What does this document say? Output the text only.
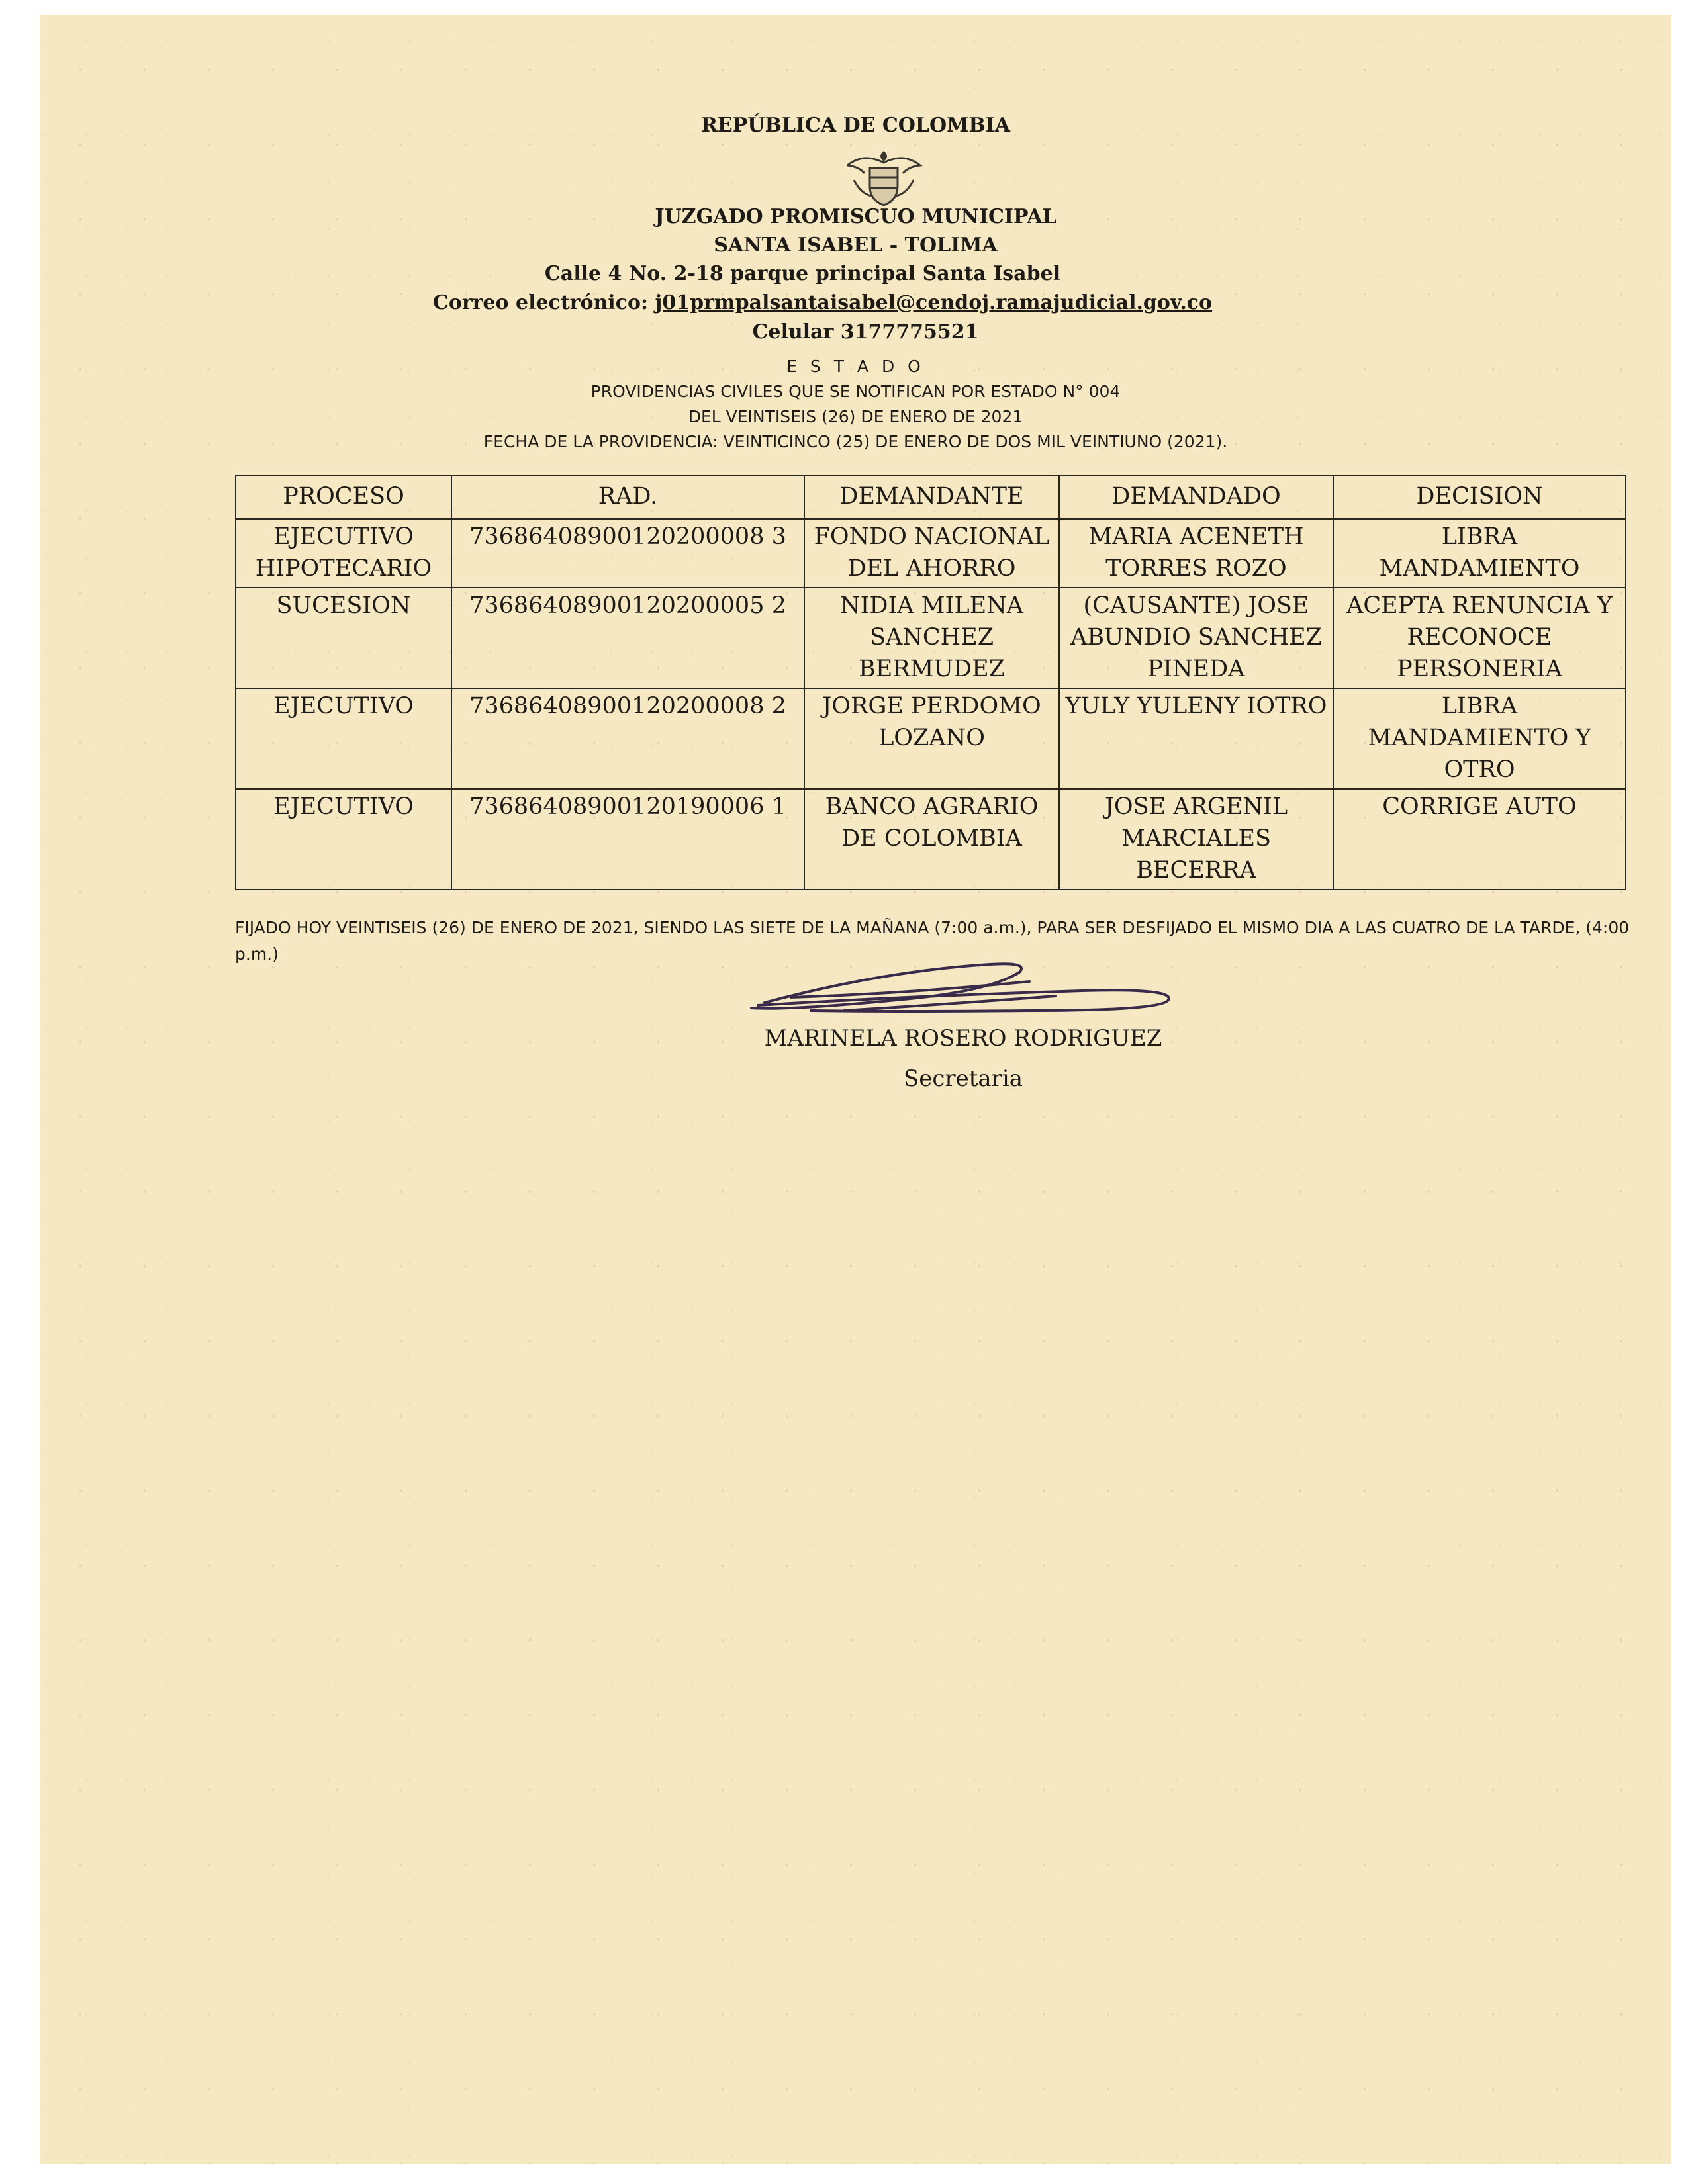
REPÚBLICA DE COLOMBIA
JUZGADO PROMISCUO MUNICIPAL
SANTA ISABEL - TOLIMA
Calle 4 No. 2-18 parque principal Santa Isabel
Correo electrónico: j01prmpalsantaisabel@cendoj.ramajudicial.gov.co
Celular 3177775521
E S T A D O
PROVIDENCIAS CIVILES QUE SE NOTIFICAN POR ESTADO N° 004
DEL VEINTISEIS (26) DE ENERO DE 2021
FECHA DE LA PROVIDENCIA: VEINTICINCO (25) DE ENERO DE DOS MIL VEINTIUNO (2021).
PROCESO	RAD.	DEMANDANTE	DEMANDADO	DECISION
EJECUTIVO HIPOTECARIO	73686408900120200008 3	FONDO NACIONAL DEL AHORRO	MARIA ACENETH TORRES ROZO	LIBRA MANDAMIENTO
SUCESION	73686408900120200005 2	NIDIA MILENA SANCHEZ BERMUDEZ	(CAUSANTE) JOSE ABUNDIO SANCHEZ PINEDA	ACEPTA RENUNCIA Y RECONOCE PERSONERIA
EJECUTIVO	73686408900120200008 2	JORGE PERDOMO LOZANO	YULY YULENY IOTRO	LIBRA MANDAMIENTO Y OTRO
EJECUTIVO	73686408900120190006 1	BANCO AGRARIO DE COLOMBIA	JOSE ARGENIL MARCIALES BECERRA	CORRIGE AUTO
FIJADO HOY VEINTISEIS (26) DE ENERO DE 2021, SIENDO LAS SIETE DE LA MAÑANA (7:00 a.m.), PARA SER DESFIJADO EL MISMO DIA A LAS CUATRO DE LA TARDE, (4:00 p.m.)
MARINELA ROSERO RODRIGUEZ
Secretaria
